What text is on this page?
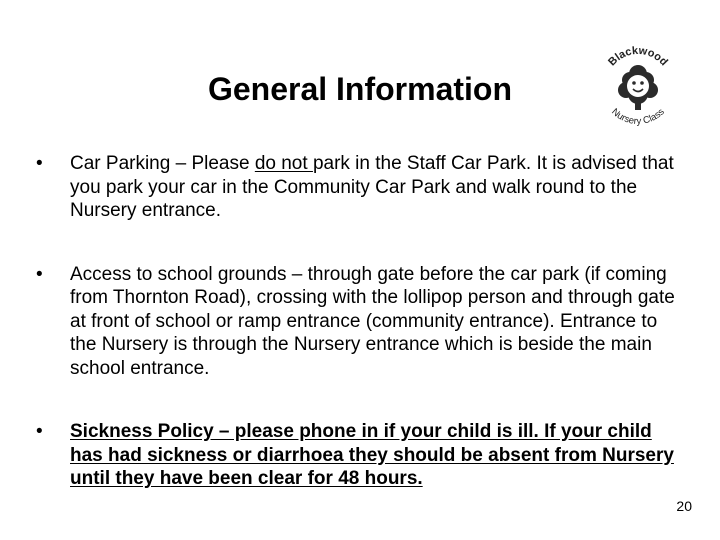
General Information
Blackwood
Nursery Class
• Car Parking – Please do not park in the Staff Car Park. It is advised that you park your car in the Community Car Park and walk round to the Nursery entrance.
• Access to school grounds – through gate before the car park (if coming from Thornton Road), crossing with the lollipop person and through gate at front of school or ramp entrance (community entrance). Entrance to the Nursery is through the Nursery entrance which is beside the main school entrance.
• Sickness Policy – please phone in if your child is ill. If your child has had sickness or diarrhoea they should be absent from Nursery until they have been clear for 48 hours.
20
